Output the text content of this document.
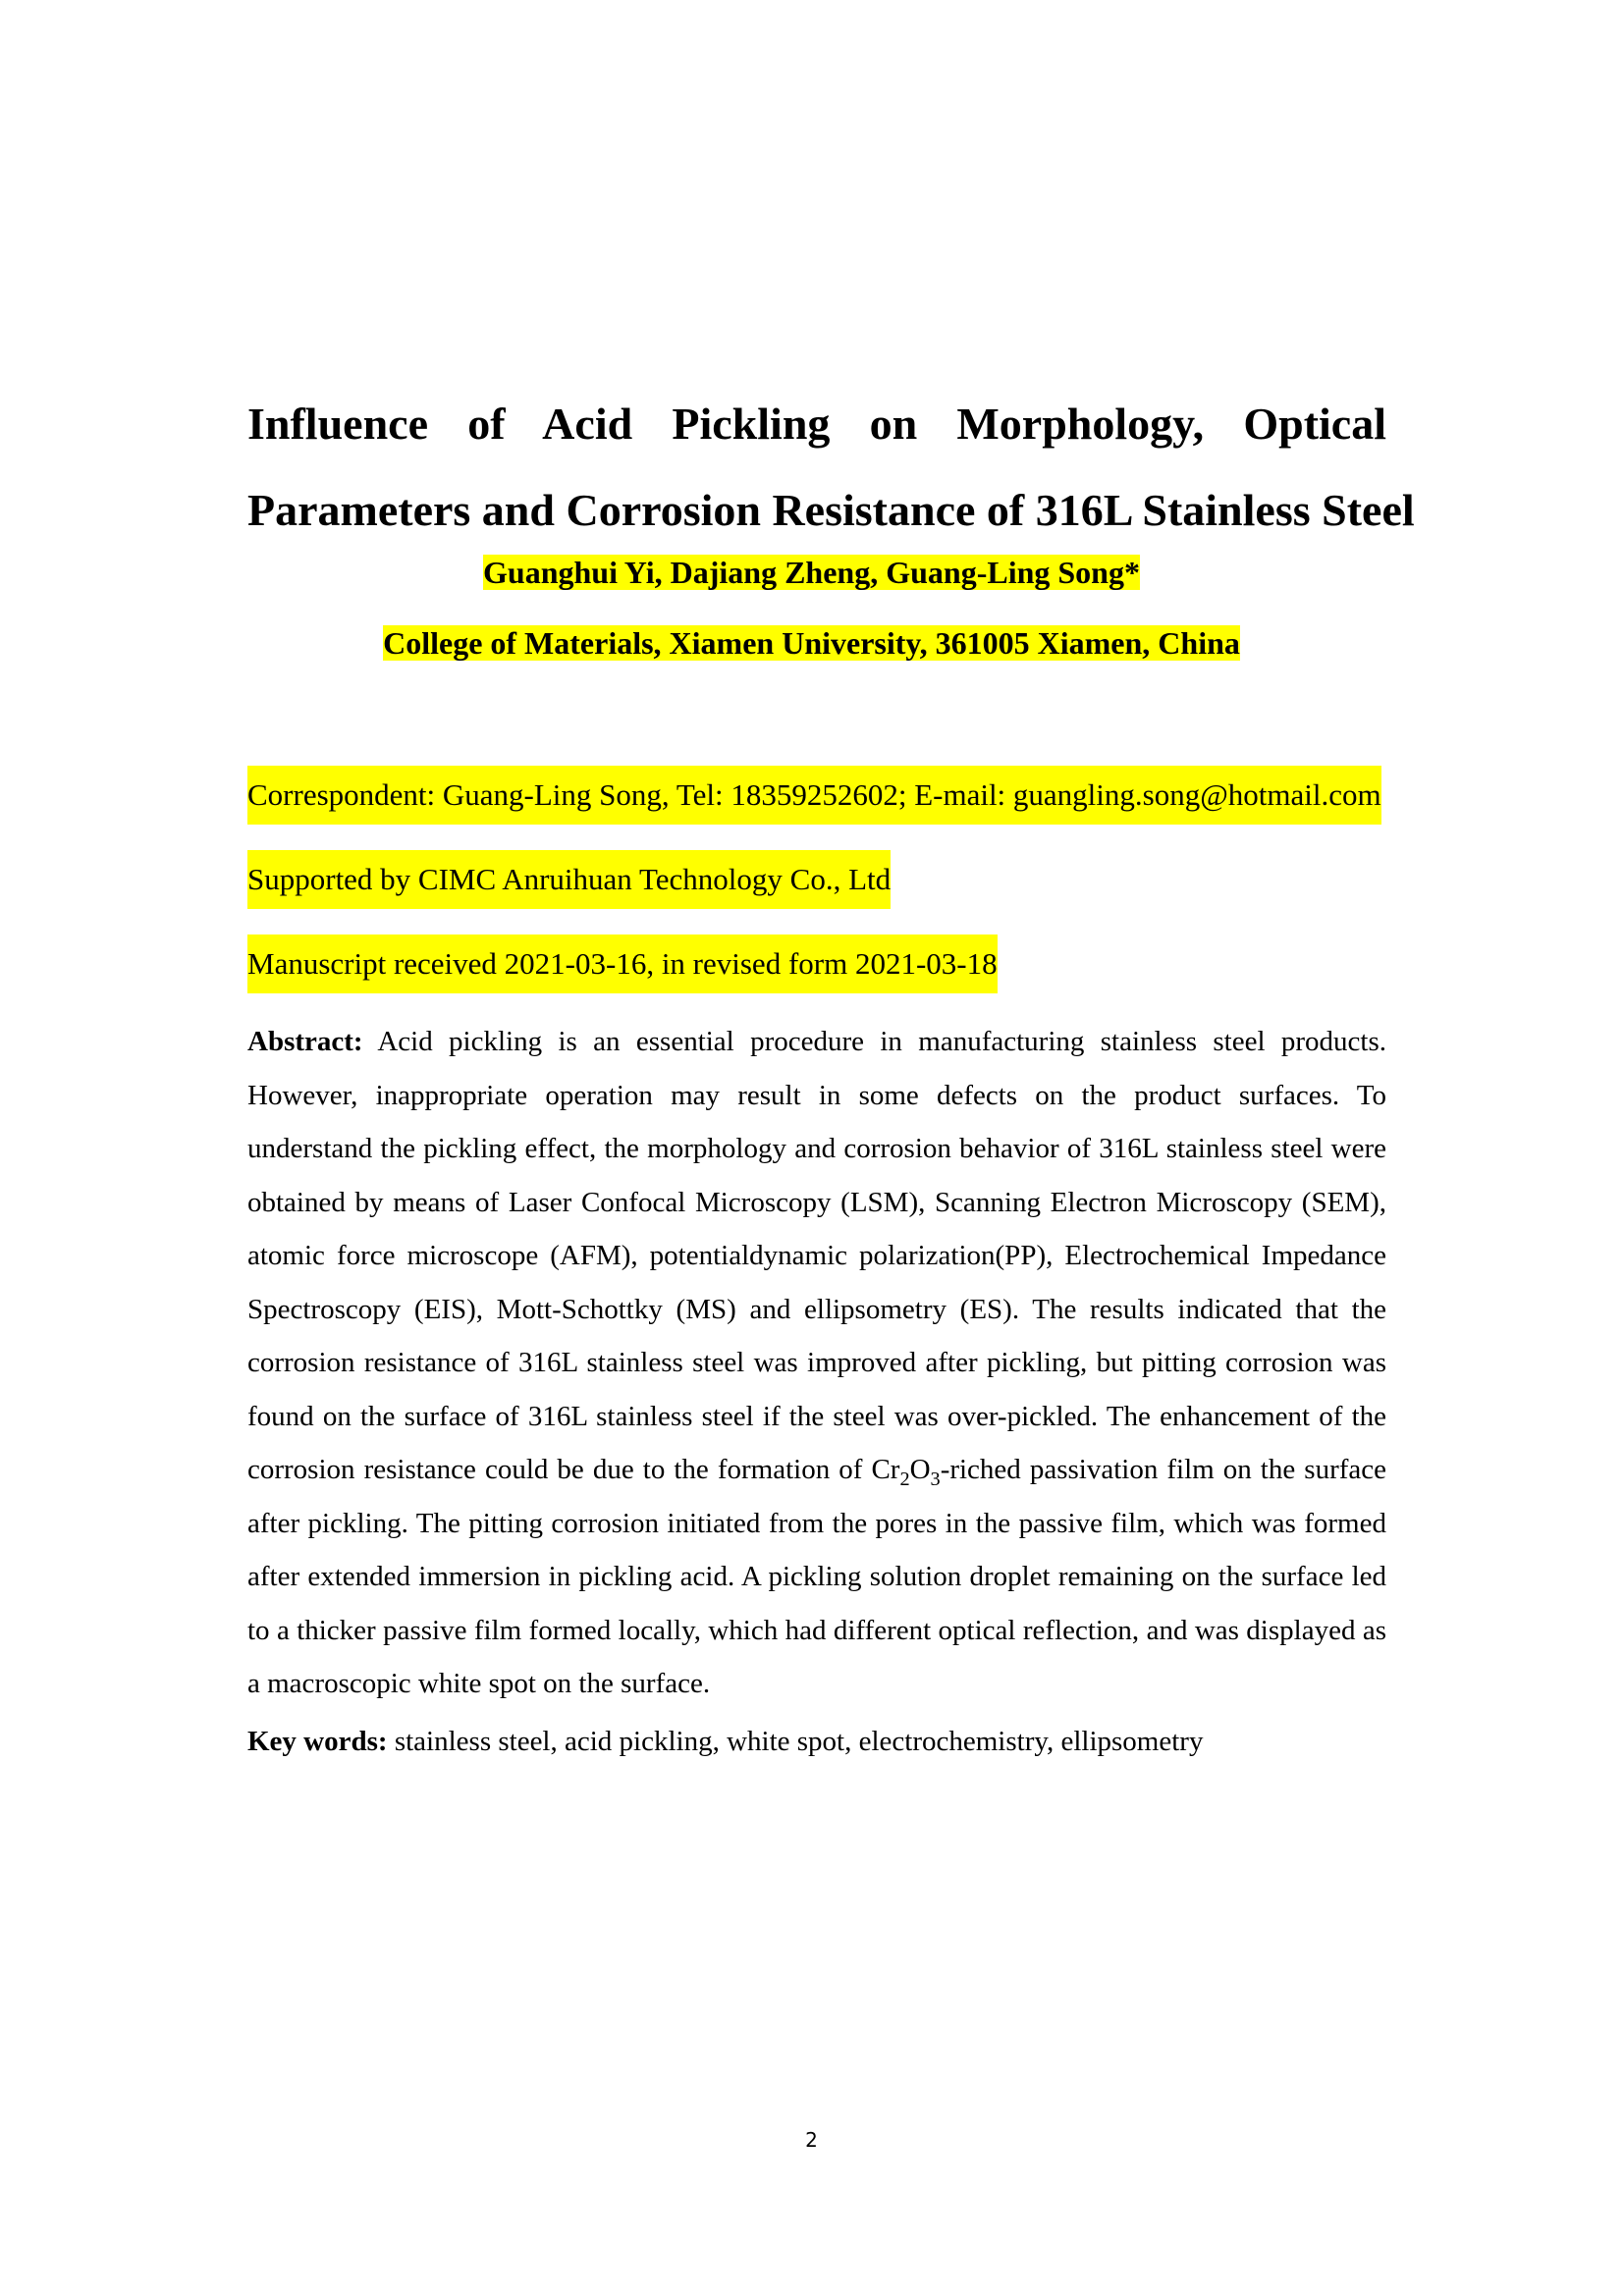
Influence of Acid Pickling on Morphology, Optical
Parameters and Corrosion Resistance of 316L Stainless Steel
Guanghui Yi, Dajiang Zheng, Guang-Ling Song*
College of Materials, Xiamen University, 361005 Xiamen, China
Correspondent: Guang-Ling Song, Tel: 18359252602; E-mail: guangling.song@hotmail.com
Supported by CIMC Anruihuan Technology Co., Ltd
Manuscript received 2021-03-16, in revised form 2021-03-18

Abstract: Acid pickling is an essential procedure in manufacturing stainless steel products. However, inappropriate operation may result in some defects on the product surfaces. To understand the pickling effect, the morphology and corrosion behavior of 316L stainless steel were obtained by means of Laser Confocal Microscopy (LSM), Scanning Electron Microscopy (SEM), atomic force microscope (AFM), potentialdynamic polarization(PP), Electrochemical Impedance Spectroscopy (EIS), Mott-Schottky (MS) and ellipsometry (ES). The results indicated that the corrosion resistance of 316L stainless steel was improved after pickling, but pitting corrosion was found on the surface of 316L stainless steel if the steel was over-pickled. The enhancement of the corrosion resistance could be due to the formation of $Cr_2O_3$-riched passivation film on the surface after pickling. The pitting corrosion initiated from the pores in the passive film, which was formed after extended immersion in pickling acid. A pickling solution droplet remaining on the surface led to a thicker passive film formed locally, which had different optical reflection, and was displayed as a macroscopic white spot on the surface.

Key words: stainless steel, acid pickling, white spot, electrochemistry, ellipsometry

2
